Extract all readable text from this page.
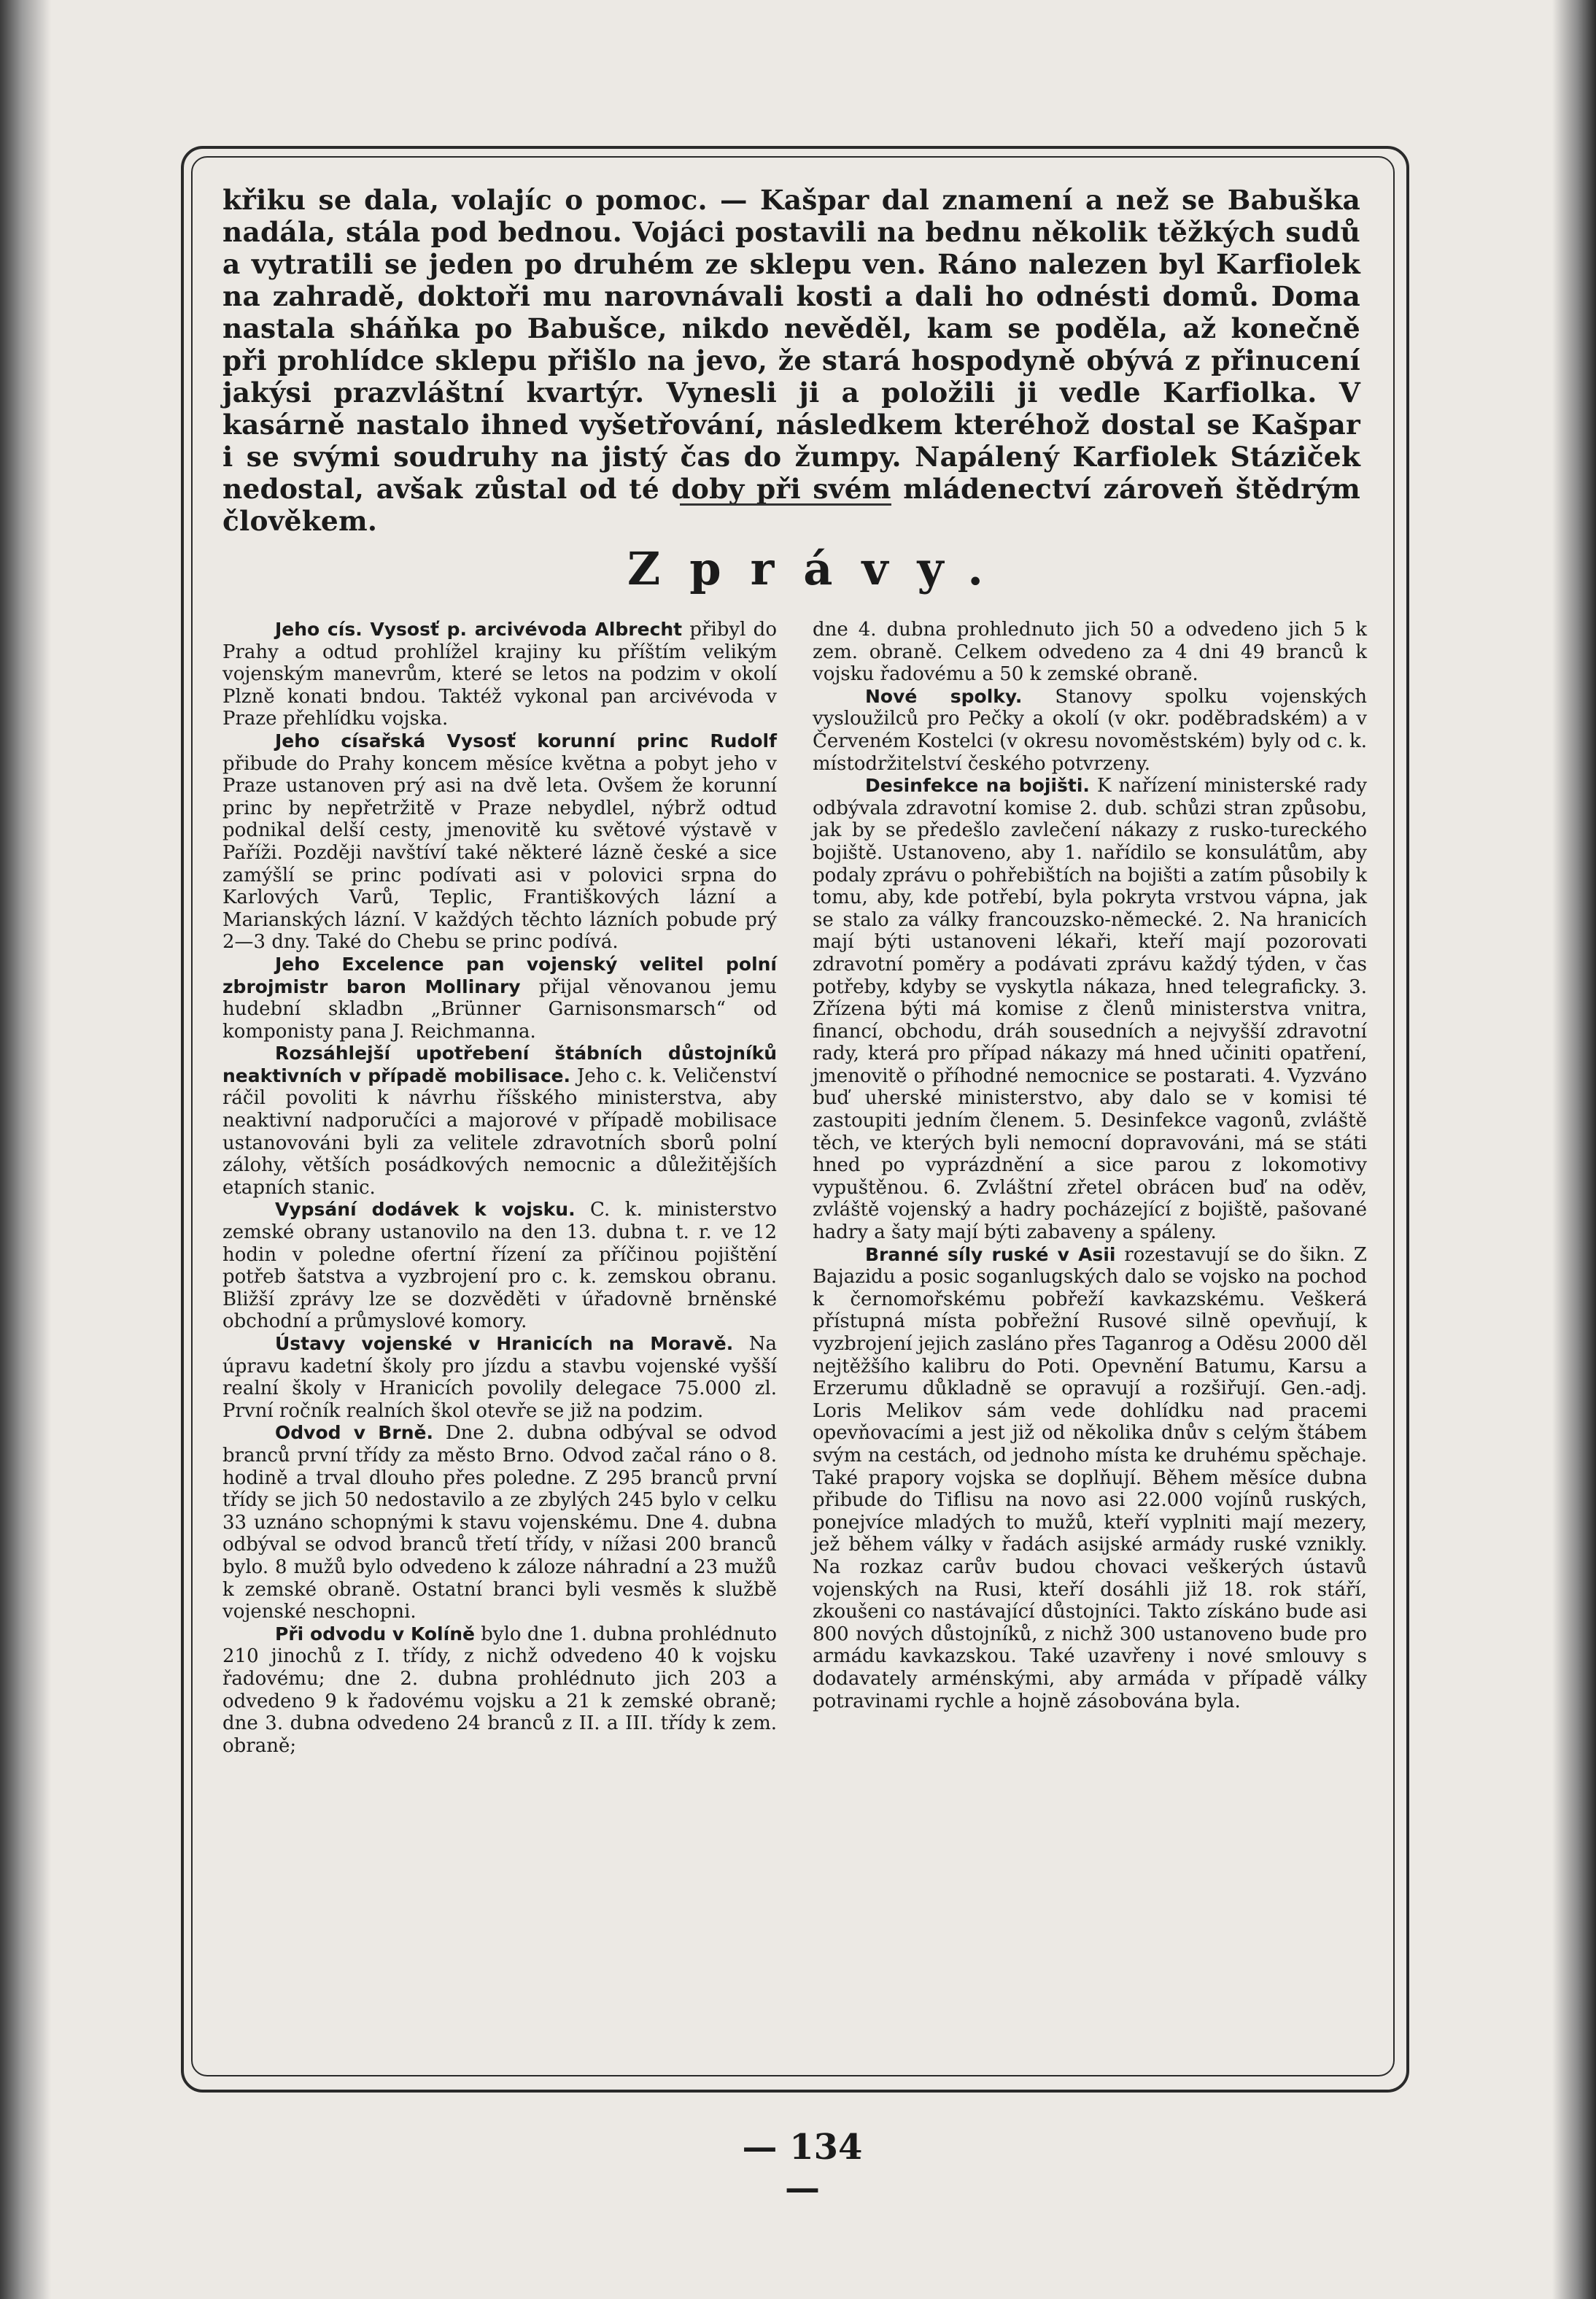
křiku se dala, volajíc o pomoc. — Kašpar dal znamení a než se Babuška nadála, stála pod bednou. Vojáci postavili na bednu několik těžkých sudů a vytratili se jeden po druhém ze sklepu ven. Ráno nalezen byl Karfiolek na zahradě, doktoři mu narovnávali kosti a dali ho odnésti domů. Doma nastala sháňka po Babušce, nikdo nevěděl, kam se poděla, až konečně při prohlídce sklepu přišlo na jevo, že stará hospodyně obývá z přinucení jakýsi prazvláštní kvartýr. Vynesli ji a položili ji vedle Karfiolka. V kasárně nastalo ihned vyšetřování, následkem kteréhož dostal se Kašpar i se svými soudruhy na jistý čas do žumpy. Napálený Karfiolek Stáziček nedostal, avšak zůstal od té doby při svém mládenectví zároveň štědrým člověkem.
Zprávy.

Jeho cís. Vysosť p. arcivévoda Albrecht přibyl do Prahy a odtud prohlížel krajiny ku příštím velikým vojenským manevrům, které se letos na podzim v okolí Plzně konati bndou. Taktéž vykonal pan arcivévoda v Praze přehlídku vojska.

Jeho císařská Vysosť korunní princ Rudolf přibude do Prahy koncem měsíce května a pobyt jeho v Praze ustanoven prý asi na dvě leta. Ovšem že korunní princ by nepřetržitě v Praze nebydlel, nýbrž odtud podnikal delší cesty, jmenovitě ku světové výstavě v Paříži. Později navštíví také některé lázně české a sice zamýšlí se princ podívati asi v polovici srpna do Karlových Varů, Teplic, Františkových lázní a Marianských lázní. V každých těchto lázních pobude prý 2—3 dny. Také do Chebu se princ podívá.

Jeho Excelence pan vojenský velitel polní zbrojmistr baron Mollinary přijal věnovanou jemu hudební skladbn „Brünner Garnisonsmarsch“ od komponisty pana J. Reichmanna.

Rozsáhlejší upotřebení štábních důstojníků neaktivních v případě mobilisace. Jeho c. k. Veličenství ráčil povoliti k návrhu říšského ministerstva, aby neaktivní nadporučíci a majorové v případě mobilisace ustanovováni byli za velitele zdravotních sborů polní zálohy, větších posádkových nemocnic a důležitějších etapních stanic.

Vypsání dodávek k vojsku. C. k. ministerstvo zemské obrany ustanovilo na den 13. dubna t. r. ve 12 hodin v poledne ofertní řízení za příčinou pojištění potřeb šatstva a vyzbrojení pro c. k. zemskou obranu. Bližší zprávy lze se dozvěděti v úřadovně brněnské obchodní a průmyslové komory.

Ústavy vojenské v Hranicích na Moravě. Na úpravu kadetní školy pro jízdu a stavbu vojenské vyšší realní školy v Hranicích povolily delegace 75.000 zl. První ročník realních škol otevře se již na podzim.

Odvod v Brně. Dne 2. dubna odbýval se odvod branců první třídy za město Brno. Odvod začal ráno o 8. hodině a trval dlouho přes poledne. Z 295 branců první třídy se jich 50 nedostavilo a ze zbylých 245 bylo v celku 33 uznáno schopnými k stavu vojenskému. Dne 4. dubna odbýval se odvod branců třetí třídy, v nížasi 200 branců bylo. 8 mužů bylo odvedeno k záloze náhradní a 23 mužů k zemské obraně. Ostatní branci byli vesměs k službě vojenské neschopni.

Při odvodu v Kolíně bylo dne 1. dubna prohlédnuto 210 jinochů z I. třídy, z nichž odvedeno 40 k vojsku řadovému; dne 2. dubna prohlédnuto jich 203 a odvedeno 9 k řadovému vojsku a 21 k zemské obraně; dne 3. dubna odvedeno 24 branců z II. a III. třídy k zem. obraně;

dne 4. dubna prohlednuto jich 50 a odvedeno jich 5 k zem. obraně. Celkem odvedeno za 4 dni 49 branců k vojsku řadovému a 50 k zemské obraně.

Nové spolky. Stanovy spolku vojenských vysloužilců pro Pečky a okolí (v okr. poděbradském) a v Červeném Kostelci (v okresu novoměstském) byly od c. k. místodržitelství českého potvrzeny.

Desinfekce na bojišti. K nařízení ministerské rady odbývala zdravotní komise 2. dub. schůzi stran způsobu, jak by se předešlo zavlečení nákazy z rusko-tureckého bojiště. Ustanoveno, aby 1. nařídilo se konsulátům, aby podaly zprávu o pohřebištích na bojišti a zatím působily k tomu, aby, kde potřebí, byla pokryta vrstvou vápna, jak se stalo za války francouzsko-německé. 2. Na hranicích mají býti ustanoveni lékaři, kteří mají pozorovati zdravotní poměry a podávati zprávu každý týden, v čas potřeby, kdyby se vyskytla nákaza, hned telegraficky. 3. Zřízena býti má komise z členů ministerstva vnitra, financí, obchodu, dráh sousedních a nejvyšší zdravotní rady, která pro případ nákazy má hned učiniti opatření, jmenovitě o příhodné nemocnice se postarati. 4. Vyzváno buď uherské ministerstvo, aby dalo se v komisi té zastoupiti jedním členem. 5. Desinfekce vagonů, zvláště těch, ve kterých byli nemocní dopravováni, má se státi hned po vyprázdnění a sice parou z lokomotivy vypuštěnou. 6. Zvláštní zřetel obrácen buď na oděv, zvláště vojenský a hadry pocházející z bojiště, pašované hadry a šaty mají býti zabaveny a spáleny.

Branné síly ruské v Asii rozestavují se do šikn. Z Bajazidu a posic soganlugských dalo se vojsko na pochod k černomořskému pobřeží kavkazskému. Veškerá přístupná místa pobřežní Rusové silně opevňují, k vyzbrojení jejich zasláno přes Taganrog a Oděsu 2000 děl nejtěžšího kalibru do Poti. Opevnění Batumu, Karsu a Erzerumu důkladně se opravují a rozšiřují. Gen.-adj. Loris Melikov sám vede dohlídku nad pracemi opevňovacími a jest již od několika dnův s celým štábem svým na cestách, od jednoho místa ke druhému spěchaje. Také prapory vojska se doplňují. Během měsíce dubna přibude do Tiflisu na novo asi 22.000 vojínů ruských, ponejvíce mladých to mužů, kteří vyplniti mají mezery, jež během války v řadách asijské armády ruské vznikly. Na rozkaz carův budou chovaci veškerých ústavů vojenských na Rusi, kteří dosáhli již 18. rok stáří, zkoušeni co nastávající důstojníci. Takto získáno bude asi 800 nových důstojníků, z nichž 300 ustanoveno bude pro armádu kavkazskou. Také uzavřeny i nové smlouvy s dodavately arménskými, aby armáda v případě války potravinami rychle a hojně zásobována byla.

— 134 —
